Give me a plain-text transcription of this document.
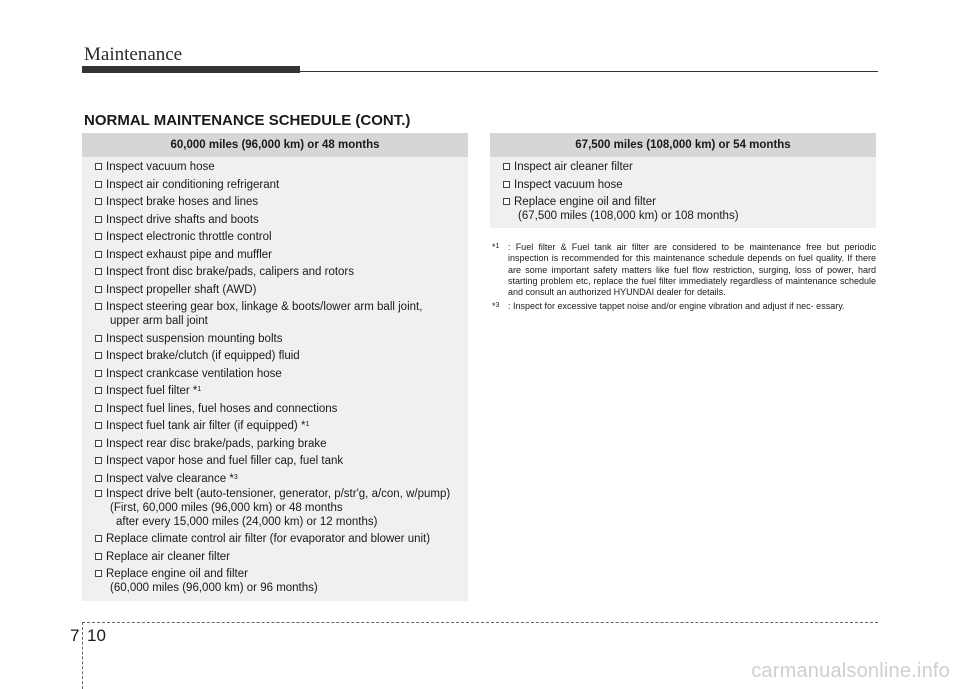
Maintenance
NORMAL MAINTENANCE SCHEDULE (CONT.)
60,000 miles (96,000 km) or 48 months
Inspect vacuum hose
Inspect air conditioning refrigerant
Inspect brake hoses and lines
Inspect drive shafts and boots
Inspect electronic throttle control
Inspect exhaust pipe and muffler
Inspect front disc brake/pads, calipers and rotors
Inspect propeller shaft (AWD)
Inspect steering gear box, linkage & boots/lower arm ball joint,
upper arm ball joint
Inspect suspension mounting bolts
Inspect brake/clutch (if equipped) fluid
Inspect crankcase ventilation hose
Inspect fuel filter *$^1$
Inspect fuel lines, fuel hoses and connections
Inspect fuel tank air filter (if equipped) *$^1$
Inspect rear disc brake/pads, parking brake
Inspect vapor hose and fuel filler cap, fuel tank
Inspect valve clearance *$^3$
Inspect drive belt (auto-tensioner, generator, p/str'g, a/con, w/pump)
(First, 60,000 miles (96,000 km) or 48 months
after every 15,000 miles (24,000 km) or 12 months)
Replace climate control air filter (for evaporator and blower unit)
Replace air cleaner filter
Replace engine oil and filter
(60,000 miles (96,000 km) or 96 months)
67,500 miles (108,000 km) or 54 months
Inspect air cleaner filter
Inspect vacuum hose
Replace engine oil and filter
(67,500 miles (108,000 km) or 108 months)
*$^1$ : Fuel filter & Fuel tank air filter are considered to be maintenance free but periodic inspection is recommended for this maintenance schedule depends on fuel quality. If there are some important safety matters like fuel flow restriction, surging, loss of power, hard starting problem etc, replace the fuel filter immediately regardless of maintenance schedule and consult an authorized HYUNDAI dealer for details.
*$^3$ : Inspect for excessive tappet noise and/or engine vibration and adjust if nec- essary.
7 10
carmanualsonline.info
